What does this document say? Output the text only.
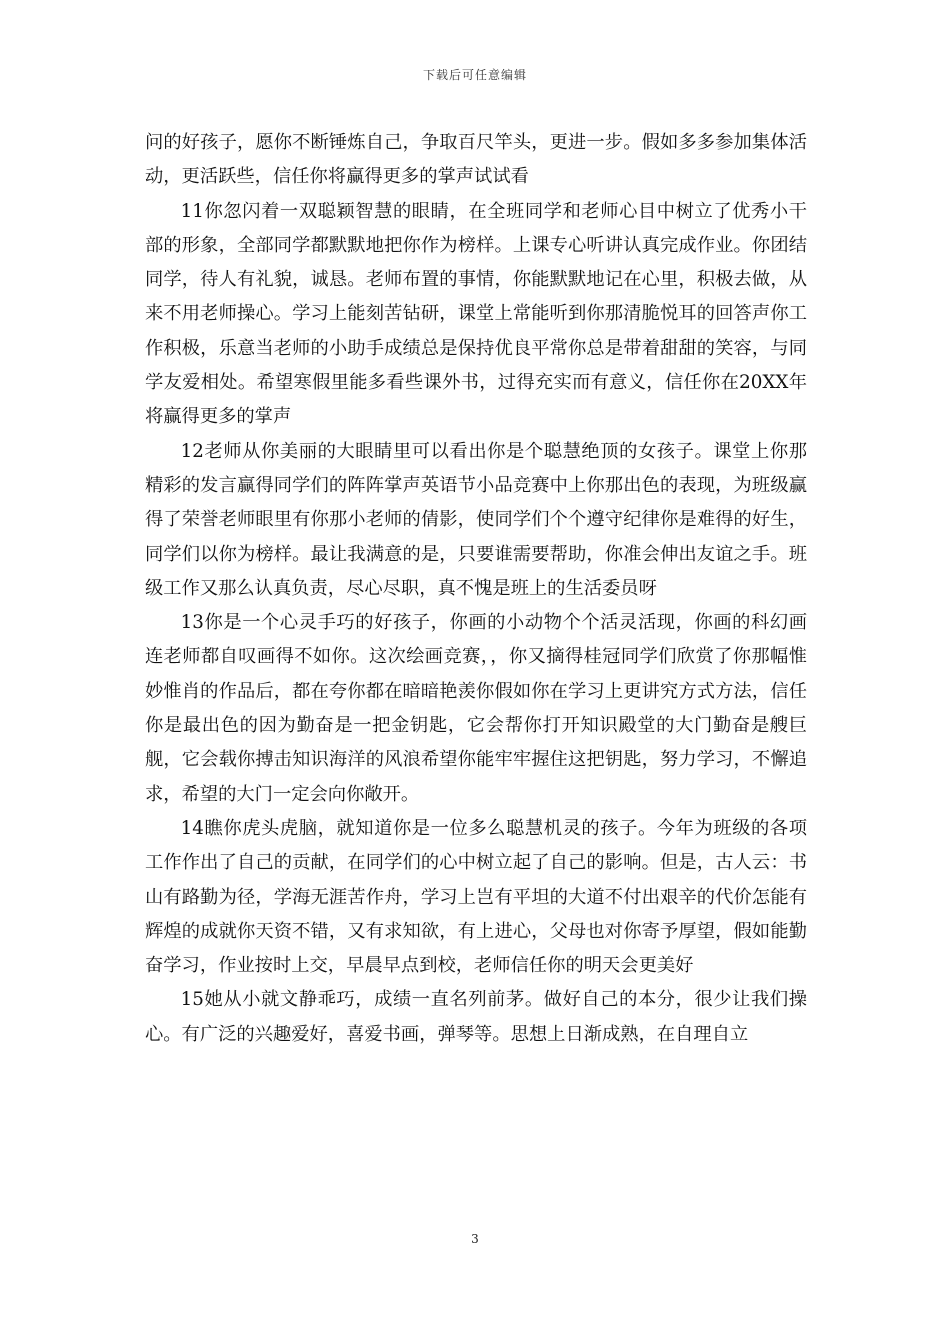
下载后可任意编辑

问的好孩子，愿你不断锤炼自己，争取百尺竿头，更进一步。假如多多参加集体活动，更活跃些，信任你将赢得更多的掌声试试看

11你忽闪着一双聪颖智慧的眼睛，在全班同学和老师心目中树立了优秀小干部的形象，全部同学都默默地把你作为榜样。上课专心听讲认真完成作业。你团结同学，待人有礼貌，诚恳。老师布置的事情，你能默默地记在心里，积极去做，从来不用老师操心。学习上能刻苦钻研，课堂上常能听到你那清脆悦耳的回答声你工作积极，乐意当老师的小助手成绩总是保持优良平常你总是带着甜甜的笑容，与同学友爱相处。希望寒假里能多看些课外书，过得充实而有意义，信任你在20XX年将赢得更多的掌声

12老师从你美丽的大眼睛里可以看出你是个聪慧绝顶的女孩子。课堂上你那精彩的发言赢得同学们的阵阵掌声英语节小品竞赛中上你那出色的表现，为班级赢得了荣誉老师眼里有你那小老师的倩影，使同学们个个遵守纪律你是难得的好生，同学们以你为榜样。最让我满意的是，只要谁需要帮助，你准会伸出友谊之手。班级工作又那么认真负责，尽心尽职，真不愧是班上的生活委员呀

13你是一个心灵手巧的好孩子，你画的小动物个个活灵活现，你画的科幻画连老师都自叹画得不如你。这次绘画竞赛，，你又摘得桂冠同学们欣赏了你那幅惟妙惟肖的作品后，都在夸你都在暗暗艳羡你假如你在学习上更讲究方式方法，信任你是最出色的因为勤奋是一把金钥匙，它会帮你打开知识殿堂的大门勤奋是艘巨舰，它会载你搏击知识海洋的风浪希望你能牢牢握住这把钥匙，努力学习，不懈追求，希望的大门一定会向你敞开。

14瞧你虎头虎脑，就知道你是一位多么聪慧机灵的孩子。今年为班级的各项工作作出了自己的贡献，在同学们的心中树立起了自己的影响。但是，古人云：书山有路勤为径，学海无涯苦作舟，学习上岂有平坦的大道不付出艰辛的代价怎能有辉煌的成就你天资不错，又有求知欲，有上进心，父母也对你寄予厚望，假如能勤奋学习，作业按时上交，早晨早点到校，老师信任你的明天会更美好

15她从小就文静乖巧，成绩一直名列前茅。做好自己的本分，很少让我们操心。有广泛的兴趣爱好，喜爱书画，弹琴等。思想上日渐成熟，在自理自立

3
